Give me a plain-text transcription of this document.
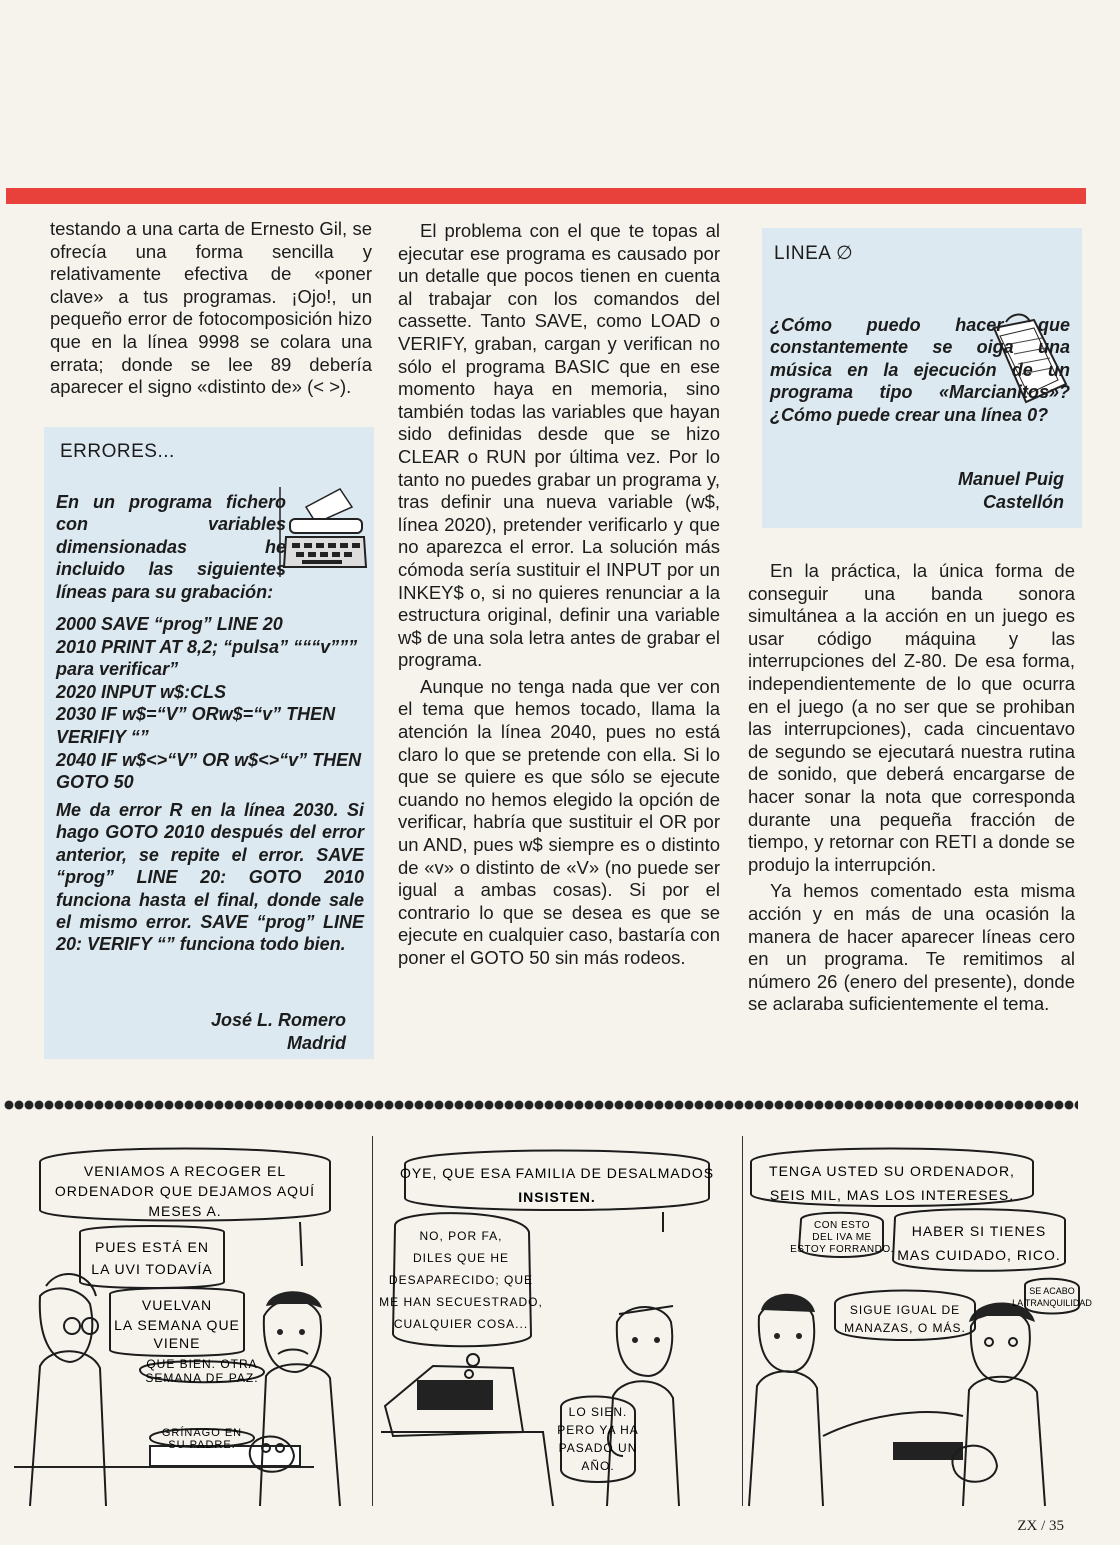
testando a una carta de Ernesto Gil, se ofrecía una forma sencilla y relativamente efectiva de «poner clave» a tus programas. ¡Ojo!, un pequeño error de fotocomposición hizo que en la línea 9998 se colara una errata; donde se lee 89 debería aparecer el signo «distinto de» (< >).

ERRORES...
En un programa fichero con variables dimensionadas he incluido las siguientes líneas para su grabación:
2000 SAVE “prog” LINE 20
2010 PRINT AT 8,2; “pulsa” “““v””” para verificar”
2020 INPUT w$:CLS
2030 IF w$=“V” ORw$=“v” THEN VERIFIY “”
2040 IF w$<>“V” OR w$<>“v” THEN GOTO 50
Me da error R en la línea 2030. Si hago GOTO 2010 después del error anterior, se repite el error. SAVE “prog” LINE 20: GOTO 2010 funciona hasta el final, donde sale el mismo error. SAVE “prog” LINE 20: VERIFY “” funciona todo bien.
José L. Romero
Madrid

El problema con el que te topas al ejecutar ese programa es causado por un detalle que pocos tienen en cuenta al trabajar con los comandos del cassette. Tanto SAVE, como LOAD o VERIFY, graban, cargan y verifican no sólo el programa BASIC que en ese momento haya en memoria, sino también todas las variables que hayan sido definidas desde que se hizo CLEAR o RUN por última vez. Por lo tanto no puedes grabar un programa y, tras definir una nueva variable (w$, línea 2020), pretender verificarlo y que no aparezca el error. La solución más cómoda sería sustituir el INPUT por un INKEY$ o, si no quieres renunciar a la estructura original, definir una variable w$ de una sola letra antes de grabar el programa.

Aunque no tenga nada que ver con el tema que hemos tocado, llama la atención la línea 2040, pues no está claro lo que se pretende con ella. Si lo que se quiere es que sólo se ejecute cuando no hemos elegido la opción de verificar, habría que sustituir el OR por un AND, pues w$ siempre es o distinto de «v» o distinto de «V» (no puede ser igual a ambas cosas). Si por el contrario lo que se desea es que se ejecute en cualquier caso, bastaría con poner el GOTO 50 sin más rodeos.

LINEA ∅
¿Cómo puedo hacer que constantemente se oiga una música en la ejecución de un programa tipo «Marcianitos»? ¿Cómo puede crear una línea 0?
Manuel Puig
Castellón

En la práctica, la única forma de conseguir una banda sonora simultánea a la acción en un juego es usar código máquina y las interrupciones del Z-80. De esa forma, independientemente de lo que ocurra en el juego (a no ser que se prohiban las interrupciones), cada cincuentavo de segundo se ejecutará nuestra rutina de sonido, que deberá encargarse de hacer sonar la nota que corresponda durante una pequeña fracción de tiempo, y retornar con RETI a donde se produjo la interrupción.

Ya hemos comentado esta misma acción y en más de una ocasión la manera de hacer aparecer líneas cero en un programa. Te remitimos al número 26 (enero del presente), donde se aclaraba suficientemente el tema.

VENIAMOS A RECOGER EL
ORDENADOR QUE DEJAMOS AQUÍ
MESES A.
PUES ESTÁ EN
LA UVI TODAVÍA
VUELVAN
LA SEMANA QUE
VIENE
QUE BIEN. OTRA
SEMANA DE PAZ.
GRÍNAGO EN
SU PADRE.
OYE, QUE ESA FAMILIA DE DESALMADOS
INSISTEN.
NO, POR FA,
DILES QUE HE
DESAPARECIDO; QUE
ME HAN SECUESTRADO,
CUALQUIER COSA...
LO SIEN.
PERO YA HA
PASADO UN
AÑO.
TENGA USTED SU ORDENADOR,
SEIS MIL, MAS LOS INTERESES.
CON ESTO
DEL IVA ME
ESTOY FORRANDO.
HABER SI TIENES
MAS CUIDADO, RICO.
SE ACABO
LA TRANQUILIDAD
SIGUE IGUAL DE
MANAZAS, O MÁS.
ZX / 35
